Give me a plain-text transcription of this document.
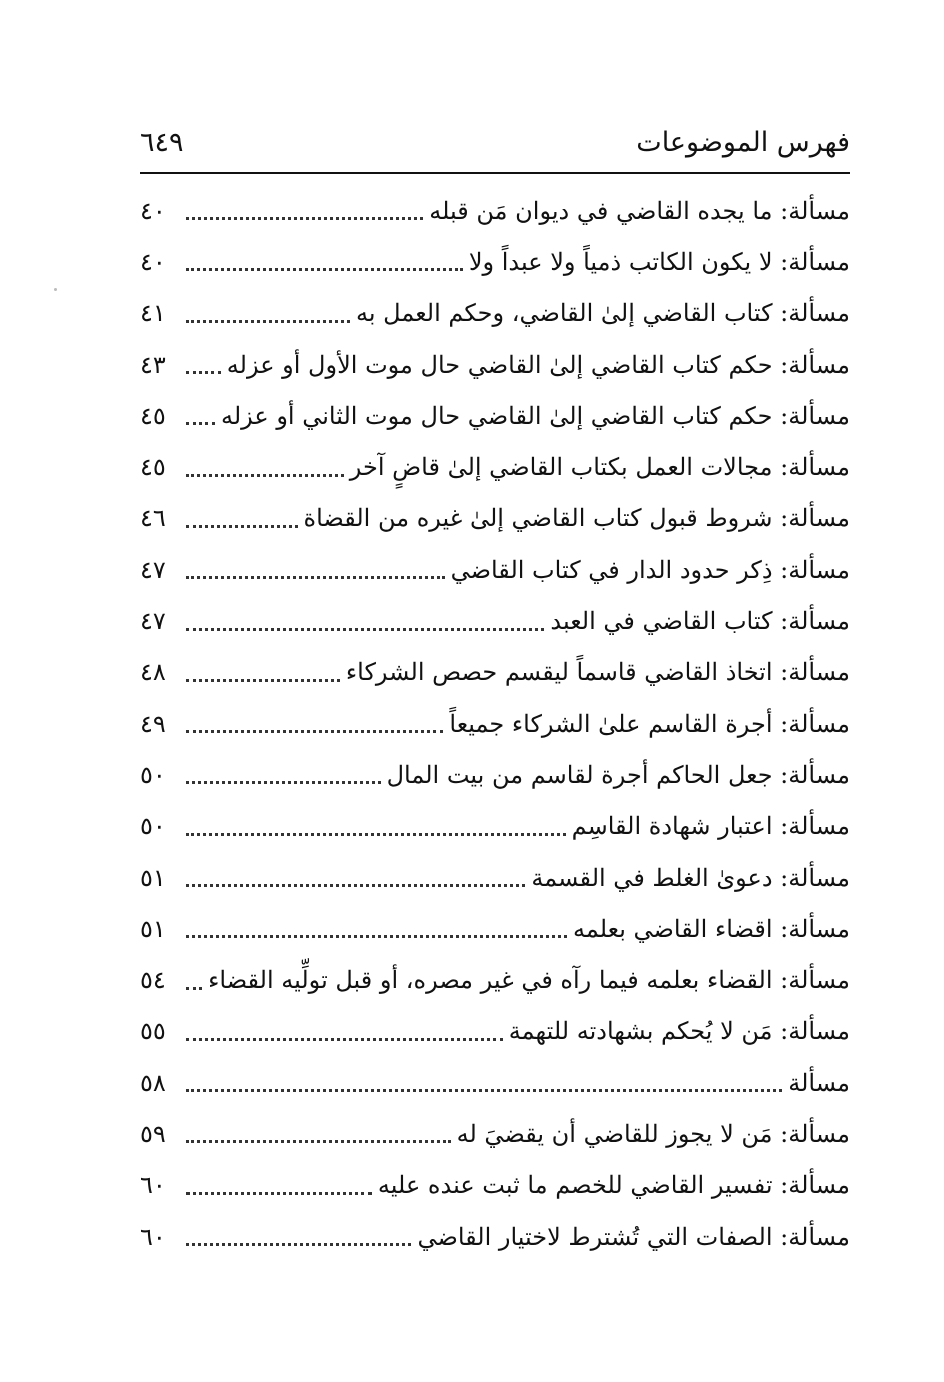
فهرس الموضوعات
٦٤٩
مسألة: ما يجده القاضي في ديوان مَن قبله
٤٠
مسألة: لا يكون الكاتب ذمياً ولا عبداً ولا
٤٠
مسألة: كتاب القاضي إلىٰ القاضي، وحكم العمل به
٤١
مسألة: حكم كتاب القاضي إلىٰ القاضي حال موت الأول أو عزله
٤٣
مسألة: حكم كتاب القاضي إلىٰ القاضي حال موت الثاني أو عزله
٤٥
مسألة: مجالات العمل بكتاب القاضي إلىٰ قاضٍ آخر
٤٥
مسألة: شروط قبول كتاب القاضي إلىٰ غيره من القضاة
٤٦
مسألة: ذِكر حدود الدار في كتاب القاضي
٤٧
مسألة: كتاب القاضي في العبد
٤٧
مسألة: اتخاذ القاضي قاسماً ليقسم حصص الشركاء
٤٨
مسألة: أجرة القاسم علىٰ الشركاء جميعاً
٤٩
مسألة: جعل الحاكم أجرة لقاسم من بيت المال
٥٠
مسألة: اعتبار شهادة القاسِم
٥٠
مسألة: دعوىٰ الغلط في القسمة
٥١
مسألة: اقضاء القاضي بعلمه
٥١
مسألة: القضاء بعلمه فيما رآه في غير مصره، أو قبل تولِّيه القضاء
٥٤
مسألة: مَن لا يُحكم بشهادته للتهمة
٥٥
مسألة
٥٨
مسألة: مَن لا يجوز للقاضي أن يقضيَ له
٥٩
مسألة: تفسير القاضي للخصم ما ثبت عنده عليه
٦٠
مسألة: الصفات التي تُشترط لاختيار القاضي
٦٠
